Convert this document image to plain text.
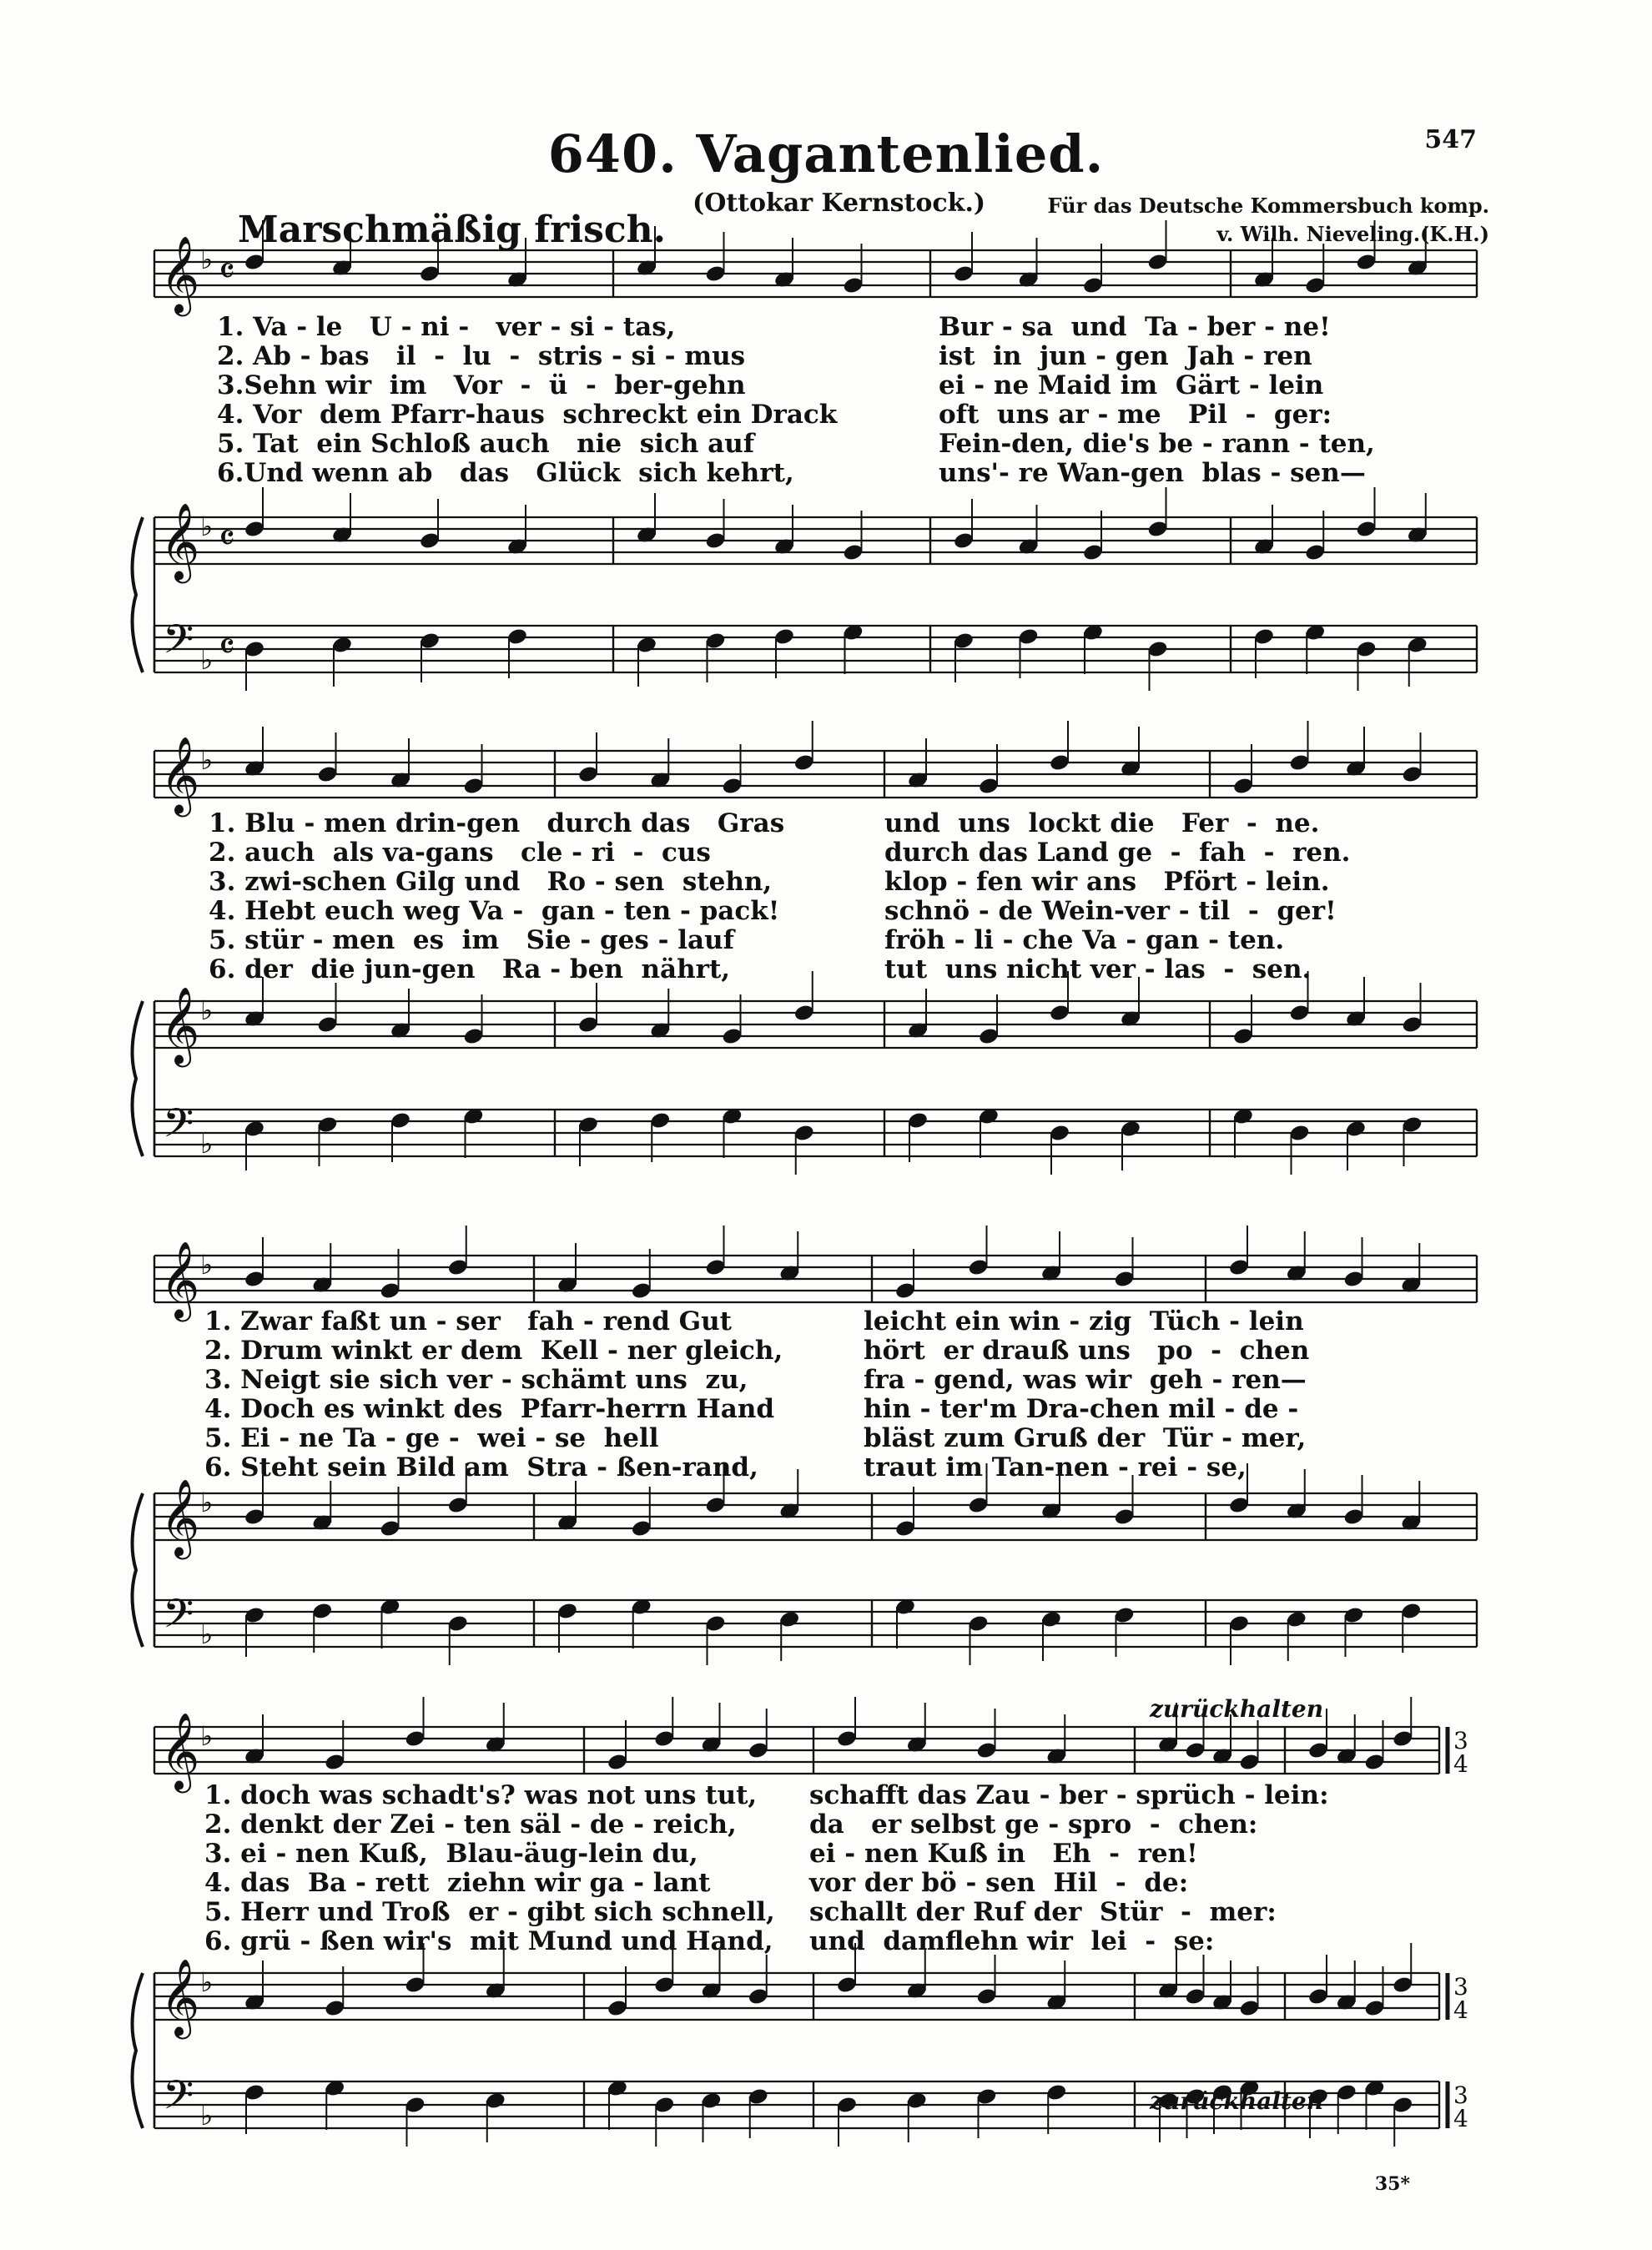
547
640. Vagantenlied.
(Ottokar Kernstock.)	Für das Deutsche Kommersbuch komp.
v. Wilh. Nieveling.(K.H.)
Marschmäßig frisch.
𝄞 ♭
𝄞 ♭
𝄢 ♭
𝄞 ♭
𝄞 ♭
𝄢 ♭
𝄞 ♭
𝄞 ♭
𝄢 ♭
𝄞 ♭
𝄞 ♭
𝄢 ♭
3
4
3
4
3
4
𝄴
𝄴
𝄴
1. Va - le   U - ni -   ver - si - tas,
2. Ab - bas   il  -  lu  -  stris - si - mus
3.Sehn wir  im   Vor  -  ü  -  ber-gehn
4. Vor  dem Pfarr-haus  schreckt ein Drack
5. Tat  ein Schloß auch   nie  sich auf
6.Und wenn ab   das   Glück  sich kehrt,
Bur - sa  und  Ta - ber - ne!
ist  in  jun - gen  Jah - ren
ei - ne Maid im  Gärt - lein
oft  uns ar - me   Pil  -  ger:
Fein-den, die's be - rann - ten,
uns'- re Wan-gen  blas - sen—
1. Blu - men drin-gen   durch das   Gras
2. auch  als va-gans   cle - ri  -  cus
3. zwi-schen Gilg und   Ro - sen  stehn,
4. Hebt euch weg Va -  gan - ten - pack!
5. stür - men  es  im   Sie - ges - lauf
6. der  die jun-gen   Ra - ben  nährt,
und  uns  lockt die   Fer  -  ne.
durch das Land ge  -  fah  -  ren.
klop - fen wir ans   Pfört - lein.
schnö - de Wein-ver - til  -  ger!
fröh - li - che Va - gan - ten.
tut  uns nicht ver - las  -  sen.
1. Zwar faßt un - ser   fah - rend Gut
2. Drum winkt er dem  Kell - ner gleich,
3. Neigt sie sich ver - schämt uns  zu,
4. Doch es winkt des  Pfarr-herrn Hand
5. Ei - ne Ta - ge -  wei - se  hell
6. Steht sein Bild am  Stra - ßen-rand,
leicht ein win - zig  Tüch - lein
hört  er drauß uns   po  -  chen
fra - gend, was wir  geh - ren—
hin - ter'm Dra-chen mil - de -
bläst zum Gruß der  Tür - mer,
traut im Tan-nen - rei - se,
1. doch was schadt's? was not uns tut,
2. denkt der Zei - ten säl - de - reich,
3. ei - nen Kuß,  Blau-äug-lein du,
4. das  Ba - rett  ziehn wir ga - lant
5. Herr und Troß  er - gibt sich schnell,
6. grü - ßen wir's  mit Mund und Hand,
schafft das Zau - ber - sprüch - lein:
da   er selbst ge - spro  -  chen:
ei - nen Kuß in   Eh  -  ren!
vor der bö - sen  Hil  -  de:
schallt der Ruf der  Stür  -  mer:
und  damflehn wir  lei  -  se:
zurückhalten
zurückhalten
35*
